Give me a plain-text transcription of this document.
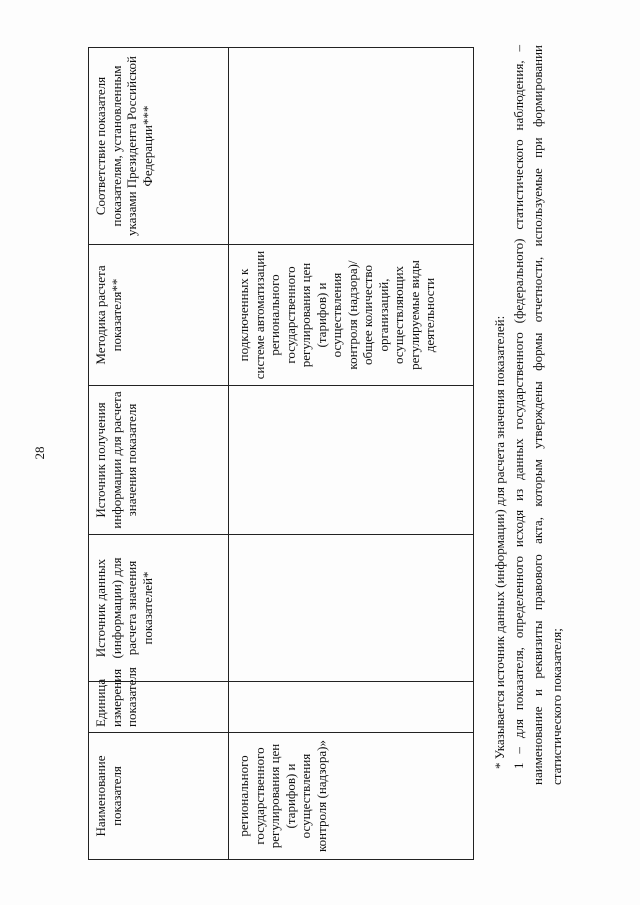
28
Наименование показателя	Единица измерения показателя	Источник данных (информации) для расчета значения показателей*	Источник получения информации для расчета значения показателя	Методика расчета показателя**	Соответствие показателя показателям, установленным указами Президента Российской Федерации***
регионального государственного регулирования цен (тарифов) и осуществления контроля (надзора)»				подключенных к системе автоматизации регионального государственного регулирования цен (тарифов) и осуществления контроля (надзора)/ общее количество организаций, осуществляющих регулируемые виды деятельности	
* Указывается источник данных (информации) для расчета значения показателей: 1 – для показателя, определенного исходя из данных государственного (федерального) статистического наблюдения, – наименование и реквизиты правового акта, которым утверждены формы отчетности, используемые при формировании статистического показателя;
